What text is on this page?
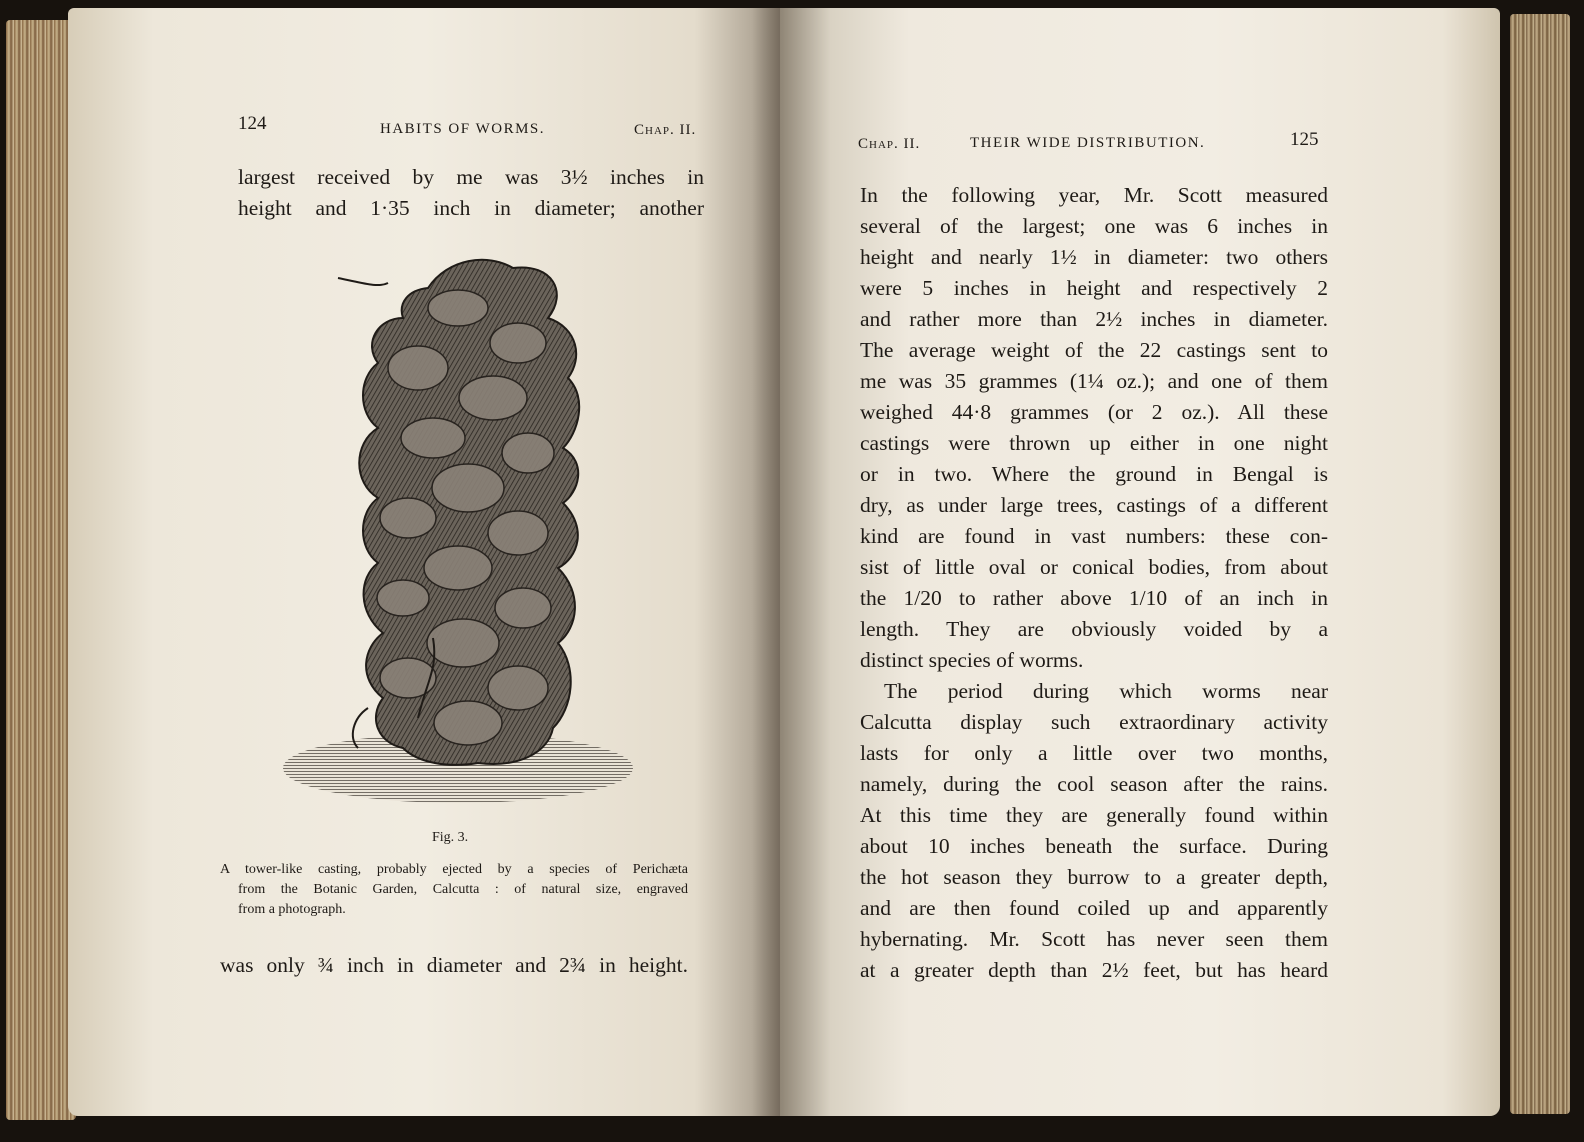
124	HABITS OF WORMS.	Chap. II.
largest received by me was 3½ inches in
height and 1·35 inch in diameter; another
Fig. 3.
A tower-like casting, probably ejected by a species of Perichæta
from the Botanic Garden, Calcutta : of natural size, engraved
from a photograph.
was only ¾ inch in diameter and 2¾ in height.
Chap. II.	THEIR WIDE DISTRIBUTION.	125
In the following year, Mr. Scott measured
several of the largest; one was 6 inches in
height and nearly 1½ in diameter: two others
were 5 inches in height and respectively 2
and rather more than 2½ inches in diameter.
The average weight of the 22 castings sent to
me was 35 grammes (1¼ oz.); and one of them
weighed 44·8 grammes (or 2 oz.). All these
castings were thrown up either in one night
or in two. Where the ground in Bengal is
dry, as under large trees, castings of a different
kind are found in vast numbers: these con-
sist of little oval or conical bodies, from about
the 1/20 to rather above 1/10 of an inch in
length. They are obviously voided by a
distinct species of worms.
The period during which worms near
Calcutta display such extraordinary activity
lasts for only a little over two months,
namely, during the cool season after the rains.
At this time they are generally found within
about 10 inches beneath the surface. During
the hot season they burrow to a greater depth,
and are then found coiled up and apparently
hybernating. Mr. Scott has never seen them
at a greater depth than 2½ feet, but has heard
